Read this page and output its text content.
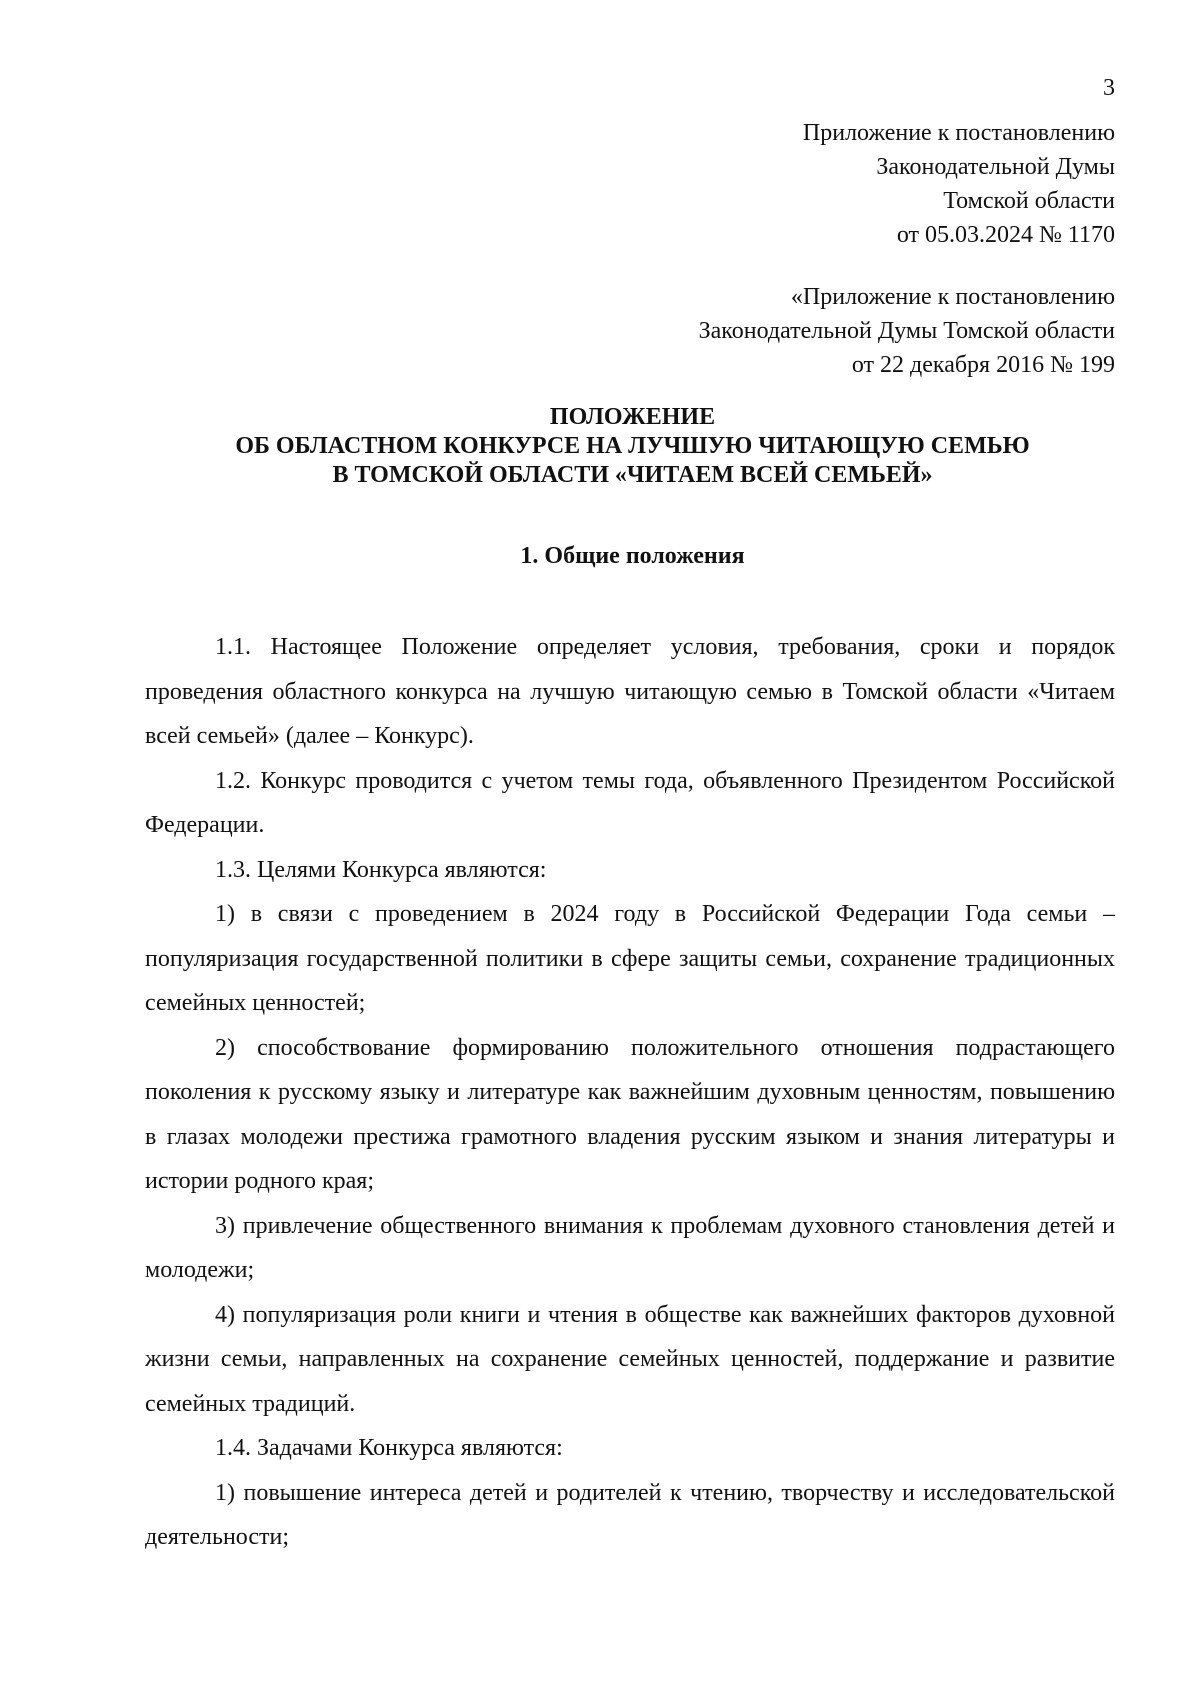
3
Приложение к постановлению
Законодательной Думы
Томской области
от 05.03.2024 № 1170
«Приложение к постановлению
Законодательной Думы Томской области
от 22 декабря 2016 № 199
ПОЛОЖЕНИЕ
ОБ ОБЛАСТНОМ КОНКУРСЕ НА ЛУЧШУЮ ЧИТАЮЩУЮ СЕМЬЮ
В ТОМСКОЙ ОБЛАСТИ «ЧИТАЕМ ВСЕЙ СЕМЬЕЙ»
1. Общие положения

1.1. Настоящее Положение определяет условия, требования, сроки и порядок проведения областного конкурса на лучшую читающую семью в Томской области «Читаем всей семьей» (далее – Конкурс).

1.2. Конкурс проводится с учетом темы года, объявленного Президентом Российской Федерации.

1.3. Целями Конкурса являются:

1) в связи с проведением в 2024 году в Российской Федерации Года семьи – популяризация государственной политики в сфере защиты семьи, сохранение традиционных семейных ценностей;

2) способствование формированию положительного отношения подрастающего поколения к русскому языку и литературе как важнейшим духовным ценностям, повышению в глазах молодежи престижа грамотного владения русским языком и знания литературы и истории родного края;

3) привлечение общественного внимания к проблемам духовного становления детей и молодежи;

4) популяризация роли книги и чтения в обществе как важнейших факторов духовной жизни семьи, направленных на сохранение семейных ценностей, поддержание и развитие семейных традиций.

1.4. Задачами Конкурса являются:

1) повышение интереса детей и родителей к чтению, творчеству и исследовательской деятельности;
